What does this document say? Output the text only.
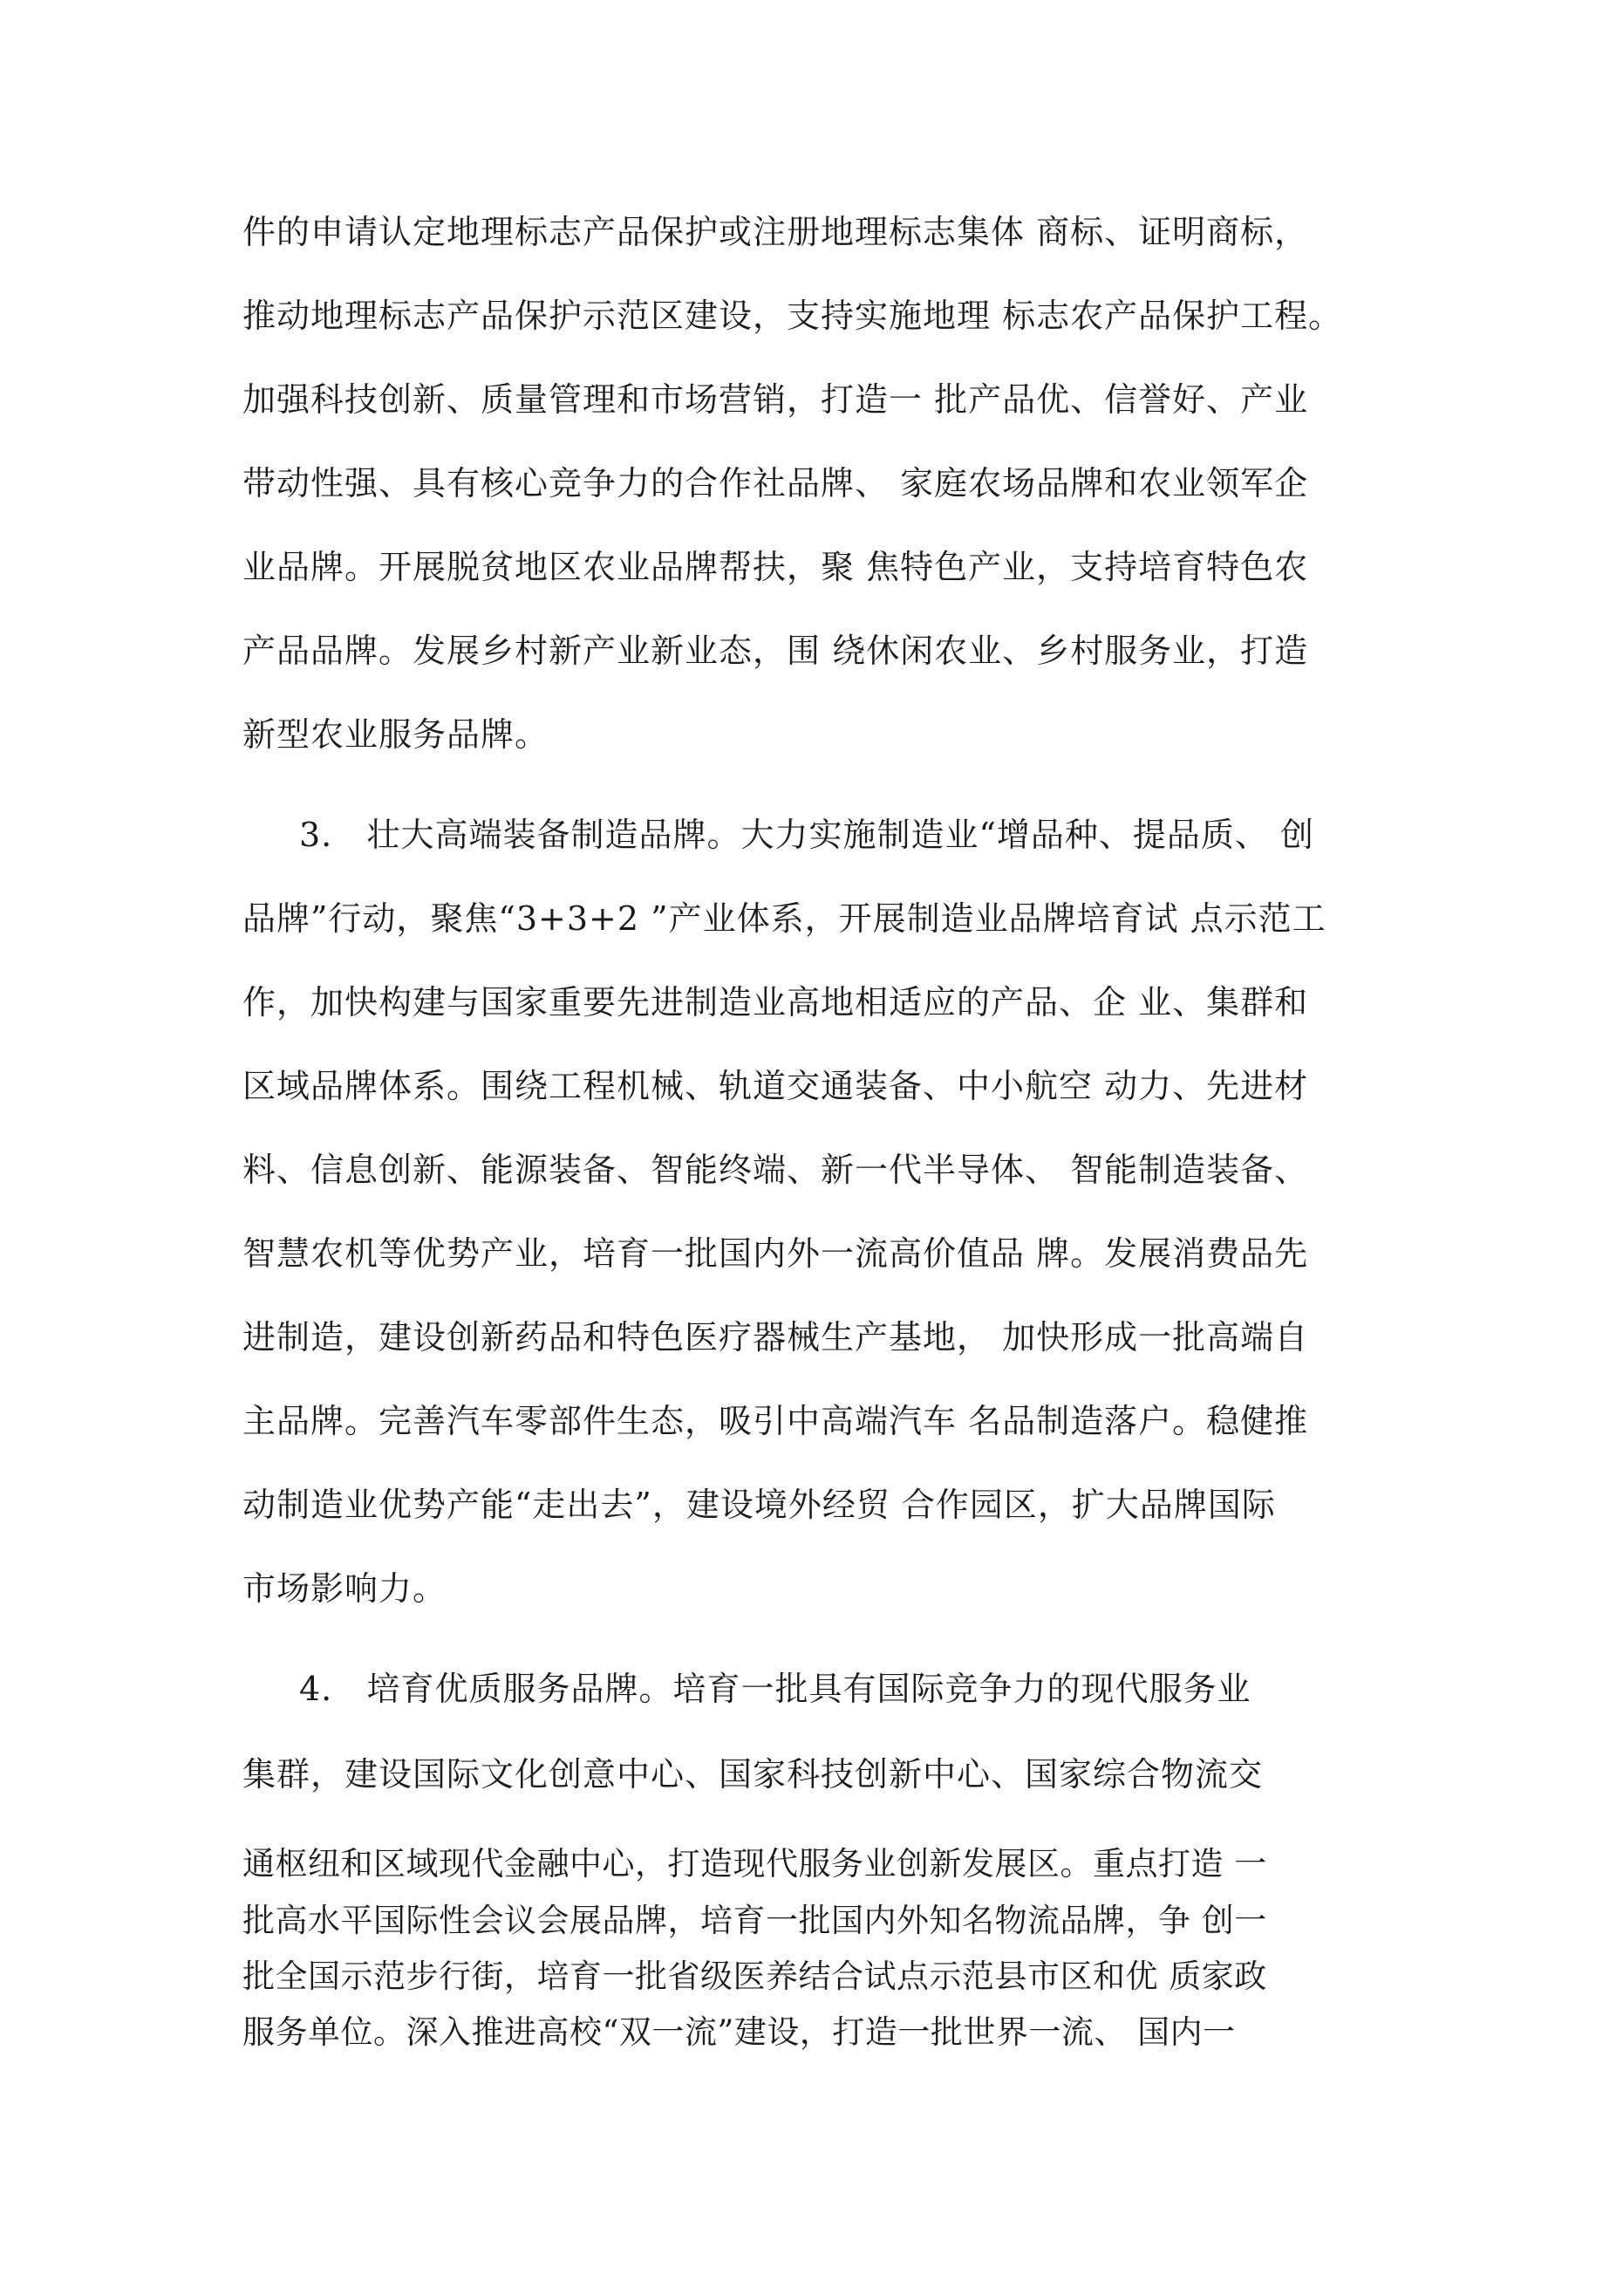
件的申请认定地理标志产品保护或注册地理标志集体 商标、证明商标，
推动地理标志产品保护示范区建设，支持实施地理 标志农产品保护工程。
加强科技创新、质量管理和市场营销，打造一 批产品优、信誉好、产业
带动性强、具有核心竞争力的合作社品牌、 家庭农场品牌和农业领军企
业品牌。开展脱贫地区农业品牌帮扶，聚 焦特色产业，支持培育特色农
产品品牌。发展乡村新产业新业态，围 绕休闲农业、乡村服务业，打造
新型农业服务品牌。
3.   壮大高端装备制造品牌。大力实施制造业“增品种、提品质、 创
品牌”行动，聚焦“3+3+2 ”产业体系，开展制造业品牌培育试 点示范工
作，加快构建与国家重要先进制造业高地相适应的产品、企 业、集群和
区域品牌体系。围绕工程机械、轨道交通装备、中小航空 动力、先进材
料、信息创新、能源装备、智能终端、新一代半导体、 智能制造装备、
智慧农机等优势产业，培育一批国内外一流高价值品 牌。发展消费品先
进制造，建设创新药品和特色医疗器械生产基地， 加快形成一批高端自
主品牌。完善汽车零部件生态，吸引中高端汽车 名品制造落户。稳健推
动制造业优势产能“走出去”，建设境外经贸 合作园区，扩大品牌国际
市场影响力。
4.   培育优质服务品牌。培育一批具有国际竞争力的现代服务业
集群，建设国际文化创意中心、国家科技创新中心、国家综合物流交
通枢纽和区域现代金融中心，打造现代服务业创新发展区。重点打造 一
批高水平国际性会议会展品牌，培育一批国内外知名物流品牌，争 创一
批全国示范步行街，培育一批省级医养结合试点示范县市区和优 质家政
服务单位。深入推进高校“双一流”建设，打造一批世界一流、 国内一
